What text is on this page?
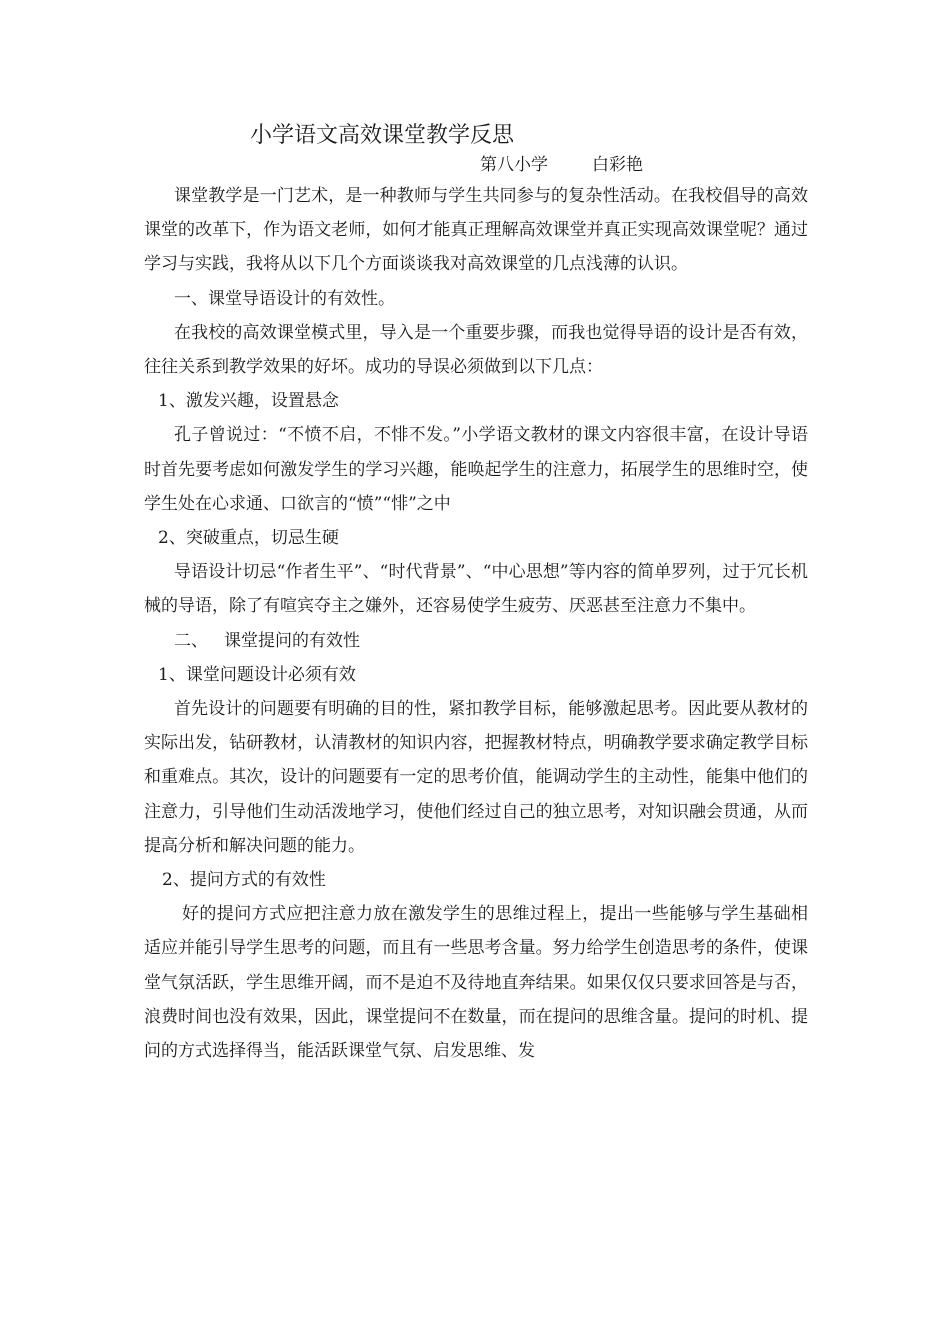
小学语文高效课堂教学反思
第八小学	白彩艳

课堂教学是一门艺术，是一种教师与学生共同参与的复杂性活动。在我校倡导的高效课堂的改革下，作为语文老师，如何才能真正理解高效课堂并真正实现高效课堂呢？通过学习与实践，我将从以下几个方面谈谈我对高效课堂的几点浅薄的认识。

一、课堂导语设计的有效性。

在我校的高效课堂模式里，导入是一个重要步骤，而我也觉得导语的设计是否有效，往往关系到教学效果的好坏。成功的导误必须做到以下几点：

1、激发兴趣，设置悬念

孔子曾说过：“不愤不启，不悱不发。”小学语文教材的课文内容很丰富，在设计导语时首先要考虑如何激发学生的学习兴趣，能唤起学生的注意力，拓展学生的思维时空，使学生处在心求通、口欲言的“愤”“悱”之中

2、突破重点，切忌生硬

导语设计切忌“作者生平”、“时代背景”、“中心思想”等内容的简单罗列，过于冗长机械的导语，除了有喧宾夺主之嫌外，还容易使学生疲劳、厌恶甚至注意力不集中。

二、 课堂提问的有效性

1、课堂问题设计必须有效

首先设计的问题要有明确的目的性，紧扣教学目标，能够激起思考。因此要从教材的实际出发，钻研教材，认清教材的知识内容，把握教材特点，明确教学要求确定教学目标和重难点。其次，设计的问题要有一定的思考价值，能调动学生的主动性，能集中他们的注意力，引导他们生动活泼地学习，使他们经过自己的独立思考，对知识融会贯通，从而提高分析和解决问题的能力。

2、提问方式的有效性

好的提问方式应把注意力放在激发学生的思维过程上，提出一些能够与学生基础相适应并能引导学生思考的问题，而且有一些思考含量。努力给学生创造思考的条件，使课堂气氛活跃，学生思维开阔，而不是迫不及待地直奔结果。如果仅仅只要求回答是与否，浪费时间也没有效果，因此，课堂提问不在数量，而在提问的思维含量。提问的时机、提问的方式选择得当，能活跃课堂气氛、启发思维、发
